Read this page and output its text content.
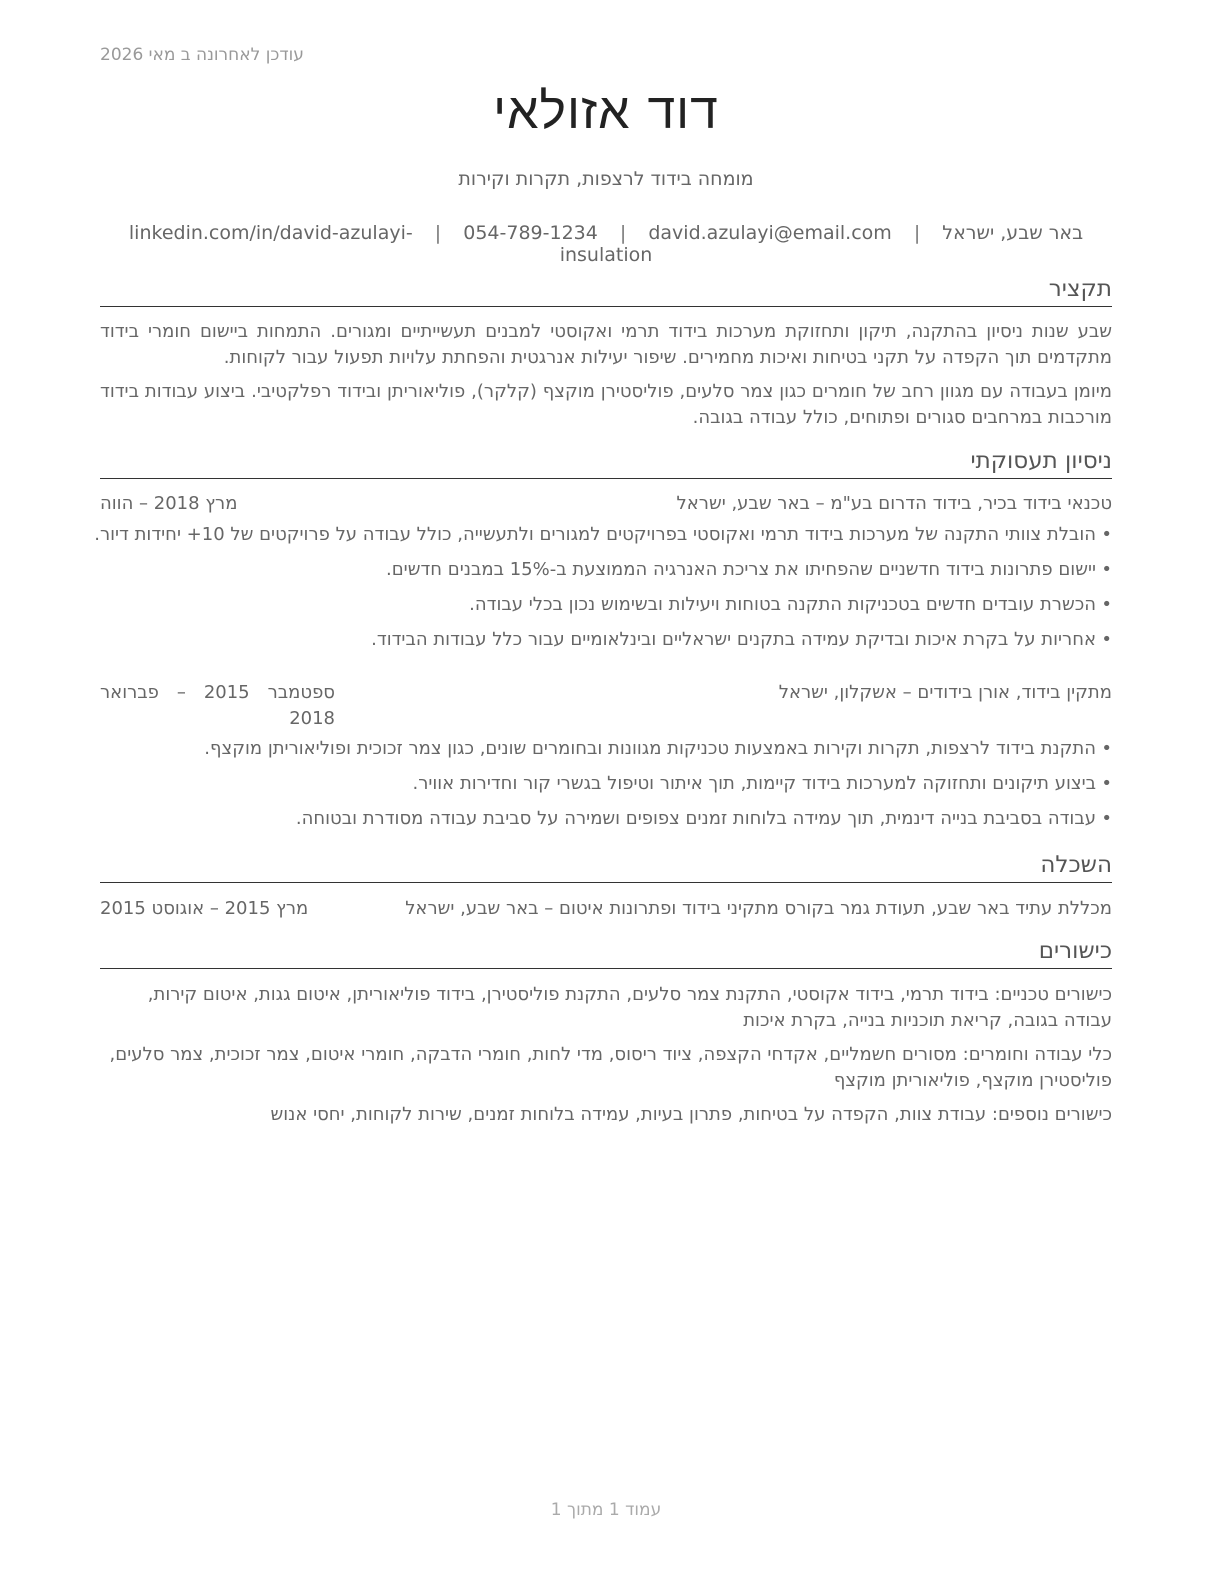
עודכן לאחרונה ב מאי 2026
דוד אזולאי
מומחה בידוד לרצפות, תקרות וקירות
באר שבע, ישראל | david.azulayi@email.com | 054-789-1234 | linkedin.com/in/david-azulayi-insulation
תקציר
שבע שנות ניסיון בהתקנה, תיקון ותחזוקת מערכות בידוד תרמי ואקוסטי למבנים תעשייתיים ומגורים. התמחות ביישום חומרי בידוד מתקדמים תוך הקפדה על תקני בטיחות ואיכות מחמירים. שיפור יעילות אנרגטית והפחתת עלויות תפעול עבור לקוחות.
מיומן בעבודה עם מגוון רחב של חומרים כגון צמר סלעים, פוליסטירן מוקצף (קלקר), פוליאוריתן ובידוד רפלקטיבי. ביצוע עבודות בידוד מורכבות במרחבים סגורים ופתוחים, כולל עבודה בגובה.
ניסיון תעסוקתי
טכנאי בידוד בכיר, בידוד הדרום בע"מ – באר שבע, ישראל
מרץ 2018 – הווה
• הובלת צוותי התקנה של מערכות בידוד תרמי ואקוסטי בפרויקטים למגורים ולתעשייה, כולל עבודה על פרויקטים של 10+ יחידות דיור.
• יישום פתרונות בידוד חדשניים שהפחיתו את צריכת האנרגיה הממוצעת ב-15% במבנים חדשים.
• הכשרת עובדים חדשים בטכניקות התקנה בטוחות ויעילות ובשימוש נכון בכלי עבודה.
• אחריות על בקרת איכות ובדיקת עמידה בתקנים ישראליים ובינלאומיים עבור כלל עבודות הבידוד.
מתקין בידוד, אורן בידודים – אשקלון, ישראל
ספטמבר 2015 – פברואר 2018
• התקנת בידוד לרצפות, תקרות וקירות באמצעות טכניקות מגוונות ובחומרים שונים, כגון צמר זכוכית ופוליאוריתן מוקצף.
• ביצוע תיקונים ותחזוקה למערכות בידוד קיימות, תוך איתור וטיפול בגשרי קור וחדירות אוויר.
• עבודה בסביבת בנייה דינמית, תוך עמידה בלוחות זמנים צפופים ושמירה על סביבת עבודה מסודרת ובטוחה.
השכלה
מכללת עתיד באר שבע, תעודת גמר בקורס מתקיני בידוד ופתרונות איטום – באר שבע, ישראל
מרץ 2015 – אוגוסט 2015
כישורים
כישורים טכניים: בידוד תרמי, בידוד אקוסטי, התקנת צמר סלעים, התקנת פוליסטירן, בידוד פוליאוריתן, איטום גגות, איטום קירות, עבודה בגובה, קריאת תוכניות בנייה, בקרת איכות
כלי עבודה וחומרים: מסורים חשמליים, אקדחי הקצפה, ציוד ריסוס, מדי לחות, חומרי הדבקה, חומרי איטום, צמר זכוכית, צמר סלעים, פוליסטירן מוקצף, פוליאוריתן מוקצף
כישורים נוספים: עבודת צוות, הקפדה על בטיחות, פתרון בעיות, עמידה בלוחות זמנים, שירות לקוחות, יחסי אנוש
עמוד 1 מתוך 1
